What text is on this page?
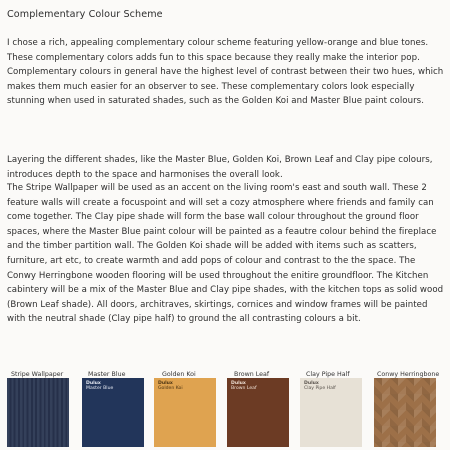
Complementary Colour Scheme

I chose a rich, appealing complementary colour scheme featuring yellow-orange and blue tones. These complementary colors adds fun to this space because they really make the interior pop. Complementary colours in general have the highest level of contrast between their two hues, which makes them much easier for an observer to see. These complementary colors look especially stunning when used in saturated shades, such as the Golden Koi and Master Blue paint colours.

Layering the different shades, like the Master Blue, Golden Koi, Brown Leaf and Clay pipe colours, introduces depth to the space and harmonises the overall look.

The Stripe Wallpaper will be used as an accent on the living room's east and south wall. These 2 feature walls will create a focuspoint and will set a cozy atmosphere where friends and family can come together. The Clay pipe shade will form the base wall colour throughout the ground floor spaces, where the Master Blue paint colour will be painted as a feautre colour behind the fireplace and the timber partition wall. The Golden Koi shade will be added with items such as scatters, furniture, art etc, to create warmth and add pops of colour and contrast to the the space. The Conwy Herringbone wooden flooring will be used throughout the enitire groundfloor. The Kitchen cabintery will be a mix of the Master Blue and Clay pipe shades, with the kitchen tops as solid wood (Brown Leaf shade). All doors, architraves, skirtings, cornices and window frames will be painted with the neutral shade (Clay pipe half) to ground the all contrasting colours a bit.

Stripe Wallpaper	Master Blue	Golden Koi	Brown Leaf	Clay Pipe Half	Conwy Herringbone
Dulux
Master Blue
Dulux
Golden Koi
Dulux
Brown Leaf
Dulux
Clay Pipe Half
